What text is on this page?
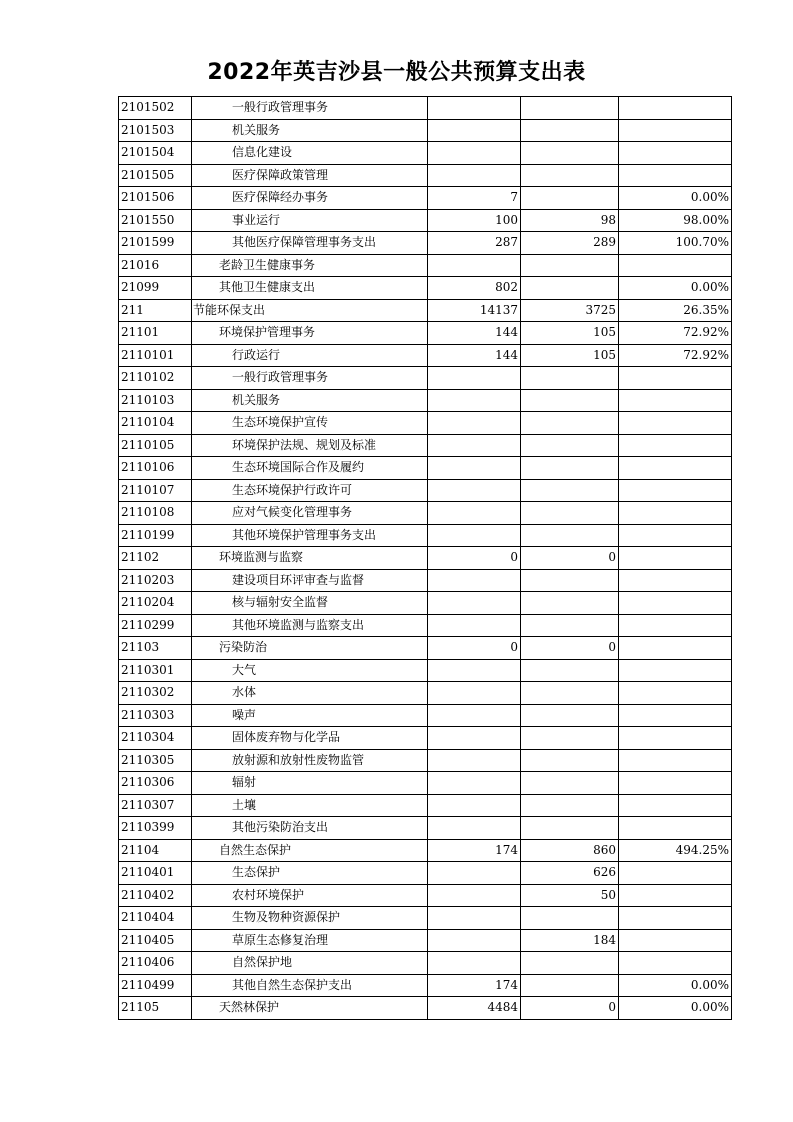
2022年英吉沙县一般公共预算支出表
2101502	一般行政管理事务			
2101503	机关服务			
2101504	信息化建设			
2101505	医疗保障政策管理			
2101506	医疗保障经办事务	7		0.00%
2101550	事业运行	100	98	98.00%
2101599	其他医疗保障管理事务支出	287	289	100.70%
21016	老龄卫生健康事务			
21099	其他卫生健康支出	802		0.00%
211	节能环保支出	14137	3725	26.35%
21101	环境保护管理事务	144	105	72.92%
2110101	行政运行	144	105	72.92%
2110102	一般行政管理事务			
2110103	机关服务			
2110104	生态环境保护宣传			
2110105	环境保护法规、规划及标准			
2110106	生态环境国际合作及履约			
2110107	生态环境保护行政许可			
2110108	应对气候变化管理事务			
2110199	其他环境保护管理事务支出			
21102	环境监测与监察	0	0	
2110203	建设项目环评审查与监督			
2110204	核与辐射安全监督			
2110299	其他环境监测与监察支出			
21103	污染防治	0	0	
2110301	大气			
2110302	水体			
2110303	噪声			
2110304	固体废弃物与化学品			
2110305	放射源和放射性废物监管			
2110306	辐射			
2110307	土壤			
2110399	其他污染防治支出			
21104	自然生态保护	174	860	494.25%
2110401	生态保护		626	
2110402	农村环境保护		50	
2110404	生物及物种资源保护			
2110405	草原生态修复治理		184	
2110406	自然保护地			
2110499	其他自然生态保护支出	174		0.00%
21105	天然林保护	4484	0	0.00%
